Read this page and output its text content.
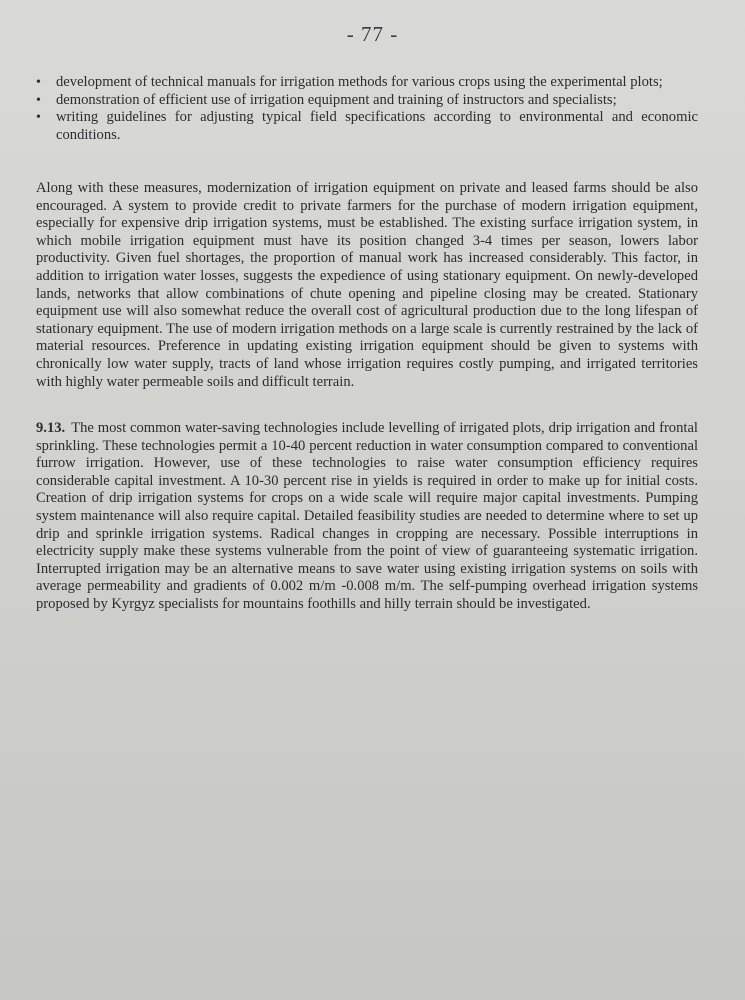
- 77 -
• development of technical manuals for irrigation methods for various crops using the experimental plots;
• demonstration of efficient use of irrigation equipment and training of instructors and specialists;
• writing guidelines for adjusting typical field specifications according to environmental and economic conditions.

Along with these measures, modernization of irrigation equipment on private and leased farms should be also encouraged. A system to provide credit to private farmers for the purchase of modern irrigation equipment, especially for expensive drip irrigation systems, must be established. The existing surface irrigation system, in which mobile irrigation equipment must have its position changed 3-4 times per season, lowers labor productivity. Given fuel shortages, the proportion of manual work has increased considerably. This factor, in addition to irrigation water losses, suggests the expedience of using stationary equipment. On newly-developed lands, networks that allow combinations of chute opening and pipeline closing may be created. Stationary equipment use will also somewhat reduce the overall cost of agricultural production due to the long lifespan of stationary equipment. The use of modern irrigation methods on a large scale is currently restrained by the lack of material resources. Preference in updating existing irrigation equipment should be given to systems with chronically low water supply, tracts of land whose irrigation requires costly pumping, and irrigated territories with highly water permeable soils and difficult terrain.

9.13. The most common water-saving technologies include levelling of irrigated plots, drip irrigation and frontal sprinkling. These technologies permit a 10-40 percent reduction in water consumption compared to conventional furrow irrigation. However, use of these technologies to raise water consumption efficiency requires considerable capital investment. A 10-30 percent rise in yields is required in order to make up for initial costs. Creation of drip irrigation systems for crops on a wide scale will require major capital investments. Pumping system maintenance will also require capital. Detailed feasibility studies are needed to determine where to set up drip and sprinkle irrigation systems. Radical changes in cropping are necessary. Possible interruptions in electricity supply make these systems vulnerable from the point of view of guaranteeing systematic irrigation. Interrupted irrigation may be an alternative means to save water using existing irrigation systems on soils with average permeability and gradients of 0.002 m/m -0.008 m/m. The self-pumping overhead irrigation systems proposed by Kyrgyz specialists for mountains foothills and hilly terrain should be investigated.
